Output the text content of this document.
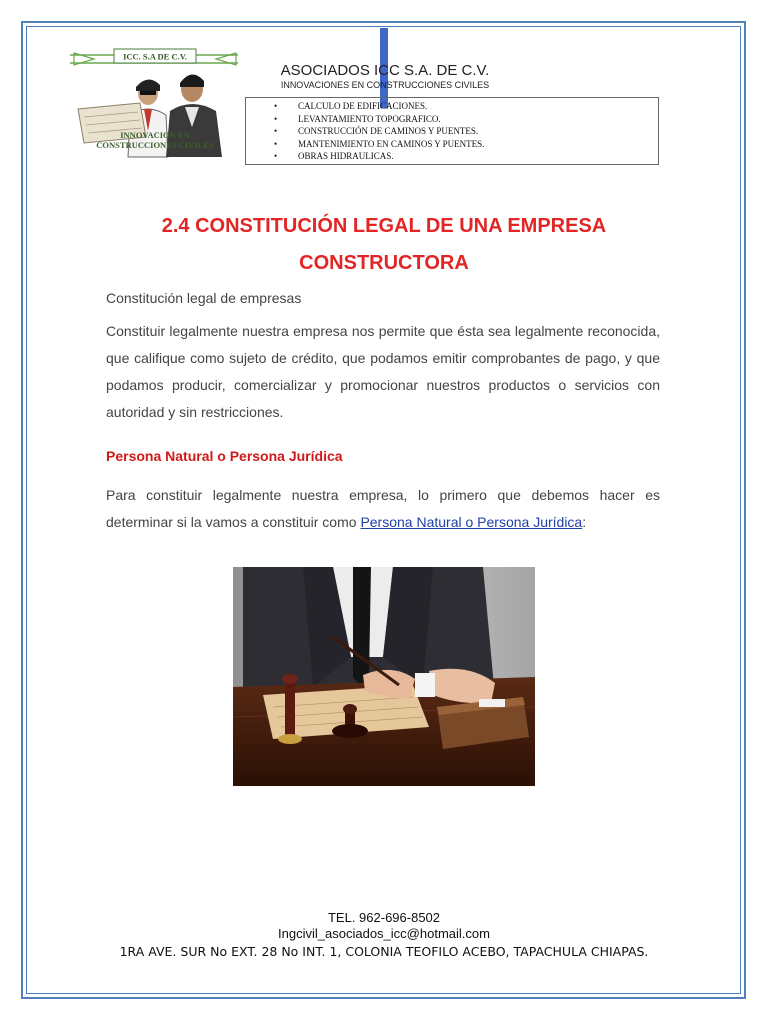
ICC. S.A DE C.V.
INNOVACION EN
CONSTRUCCIONES CIVILES
ASOCIADOS ICC S.A. DE C.V.
INNOVACIONES EN CONSTRUCCIONES CIVILES
• CALCULO DE EDIFICACIONES.
• LEVANTAMIENTO TOPOGRAFICO.
• CONSTRUCCIÓN DE CAMINOS Y PUENTES.
• MANTENIMIENTO EN CAMINOS Y PUENTES.
• OBRAS HIDRAULICAS.
2.4 CONSTITUCIÓN LEGAL DE UNA EMPRESA
CONSTRUCTORA
Constitución legal de empresas
Constituir legalmente nuestra empresa nos permite que ésta sea legalmente reconocida, que califique como sujeto de crédito, que podamos emitir comprobantes de pago, y que podamos producir, comercializar y promocionar nuestros productos o servicios con autoridad y sin restricciones.
Persona Natural o Persona Jurídica
Para constituir legalmente nuestra empresa, lo primero que debemos hacer es determinar si la vamos a constituir como Persona Natural o Persona Jurídica:
TEL. 962-696-8502
Ingcivil_asociados_icc@hotmail.com
1RA AVE. SUR No EXT. 28 No INT. 1, COLONIA TEOFILO ACEBO, TAPACHULA CHIAPAS.
